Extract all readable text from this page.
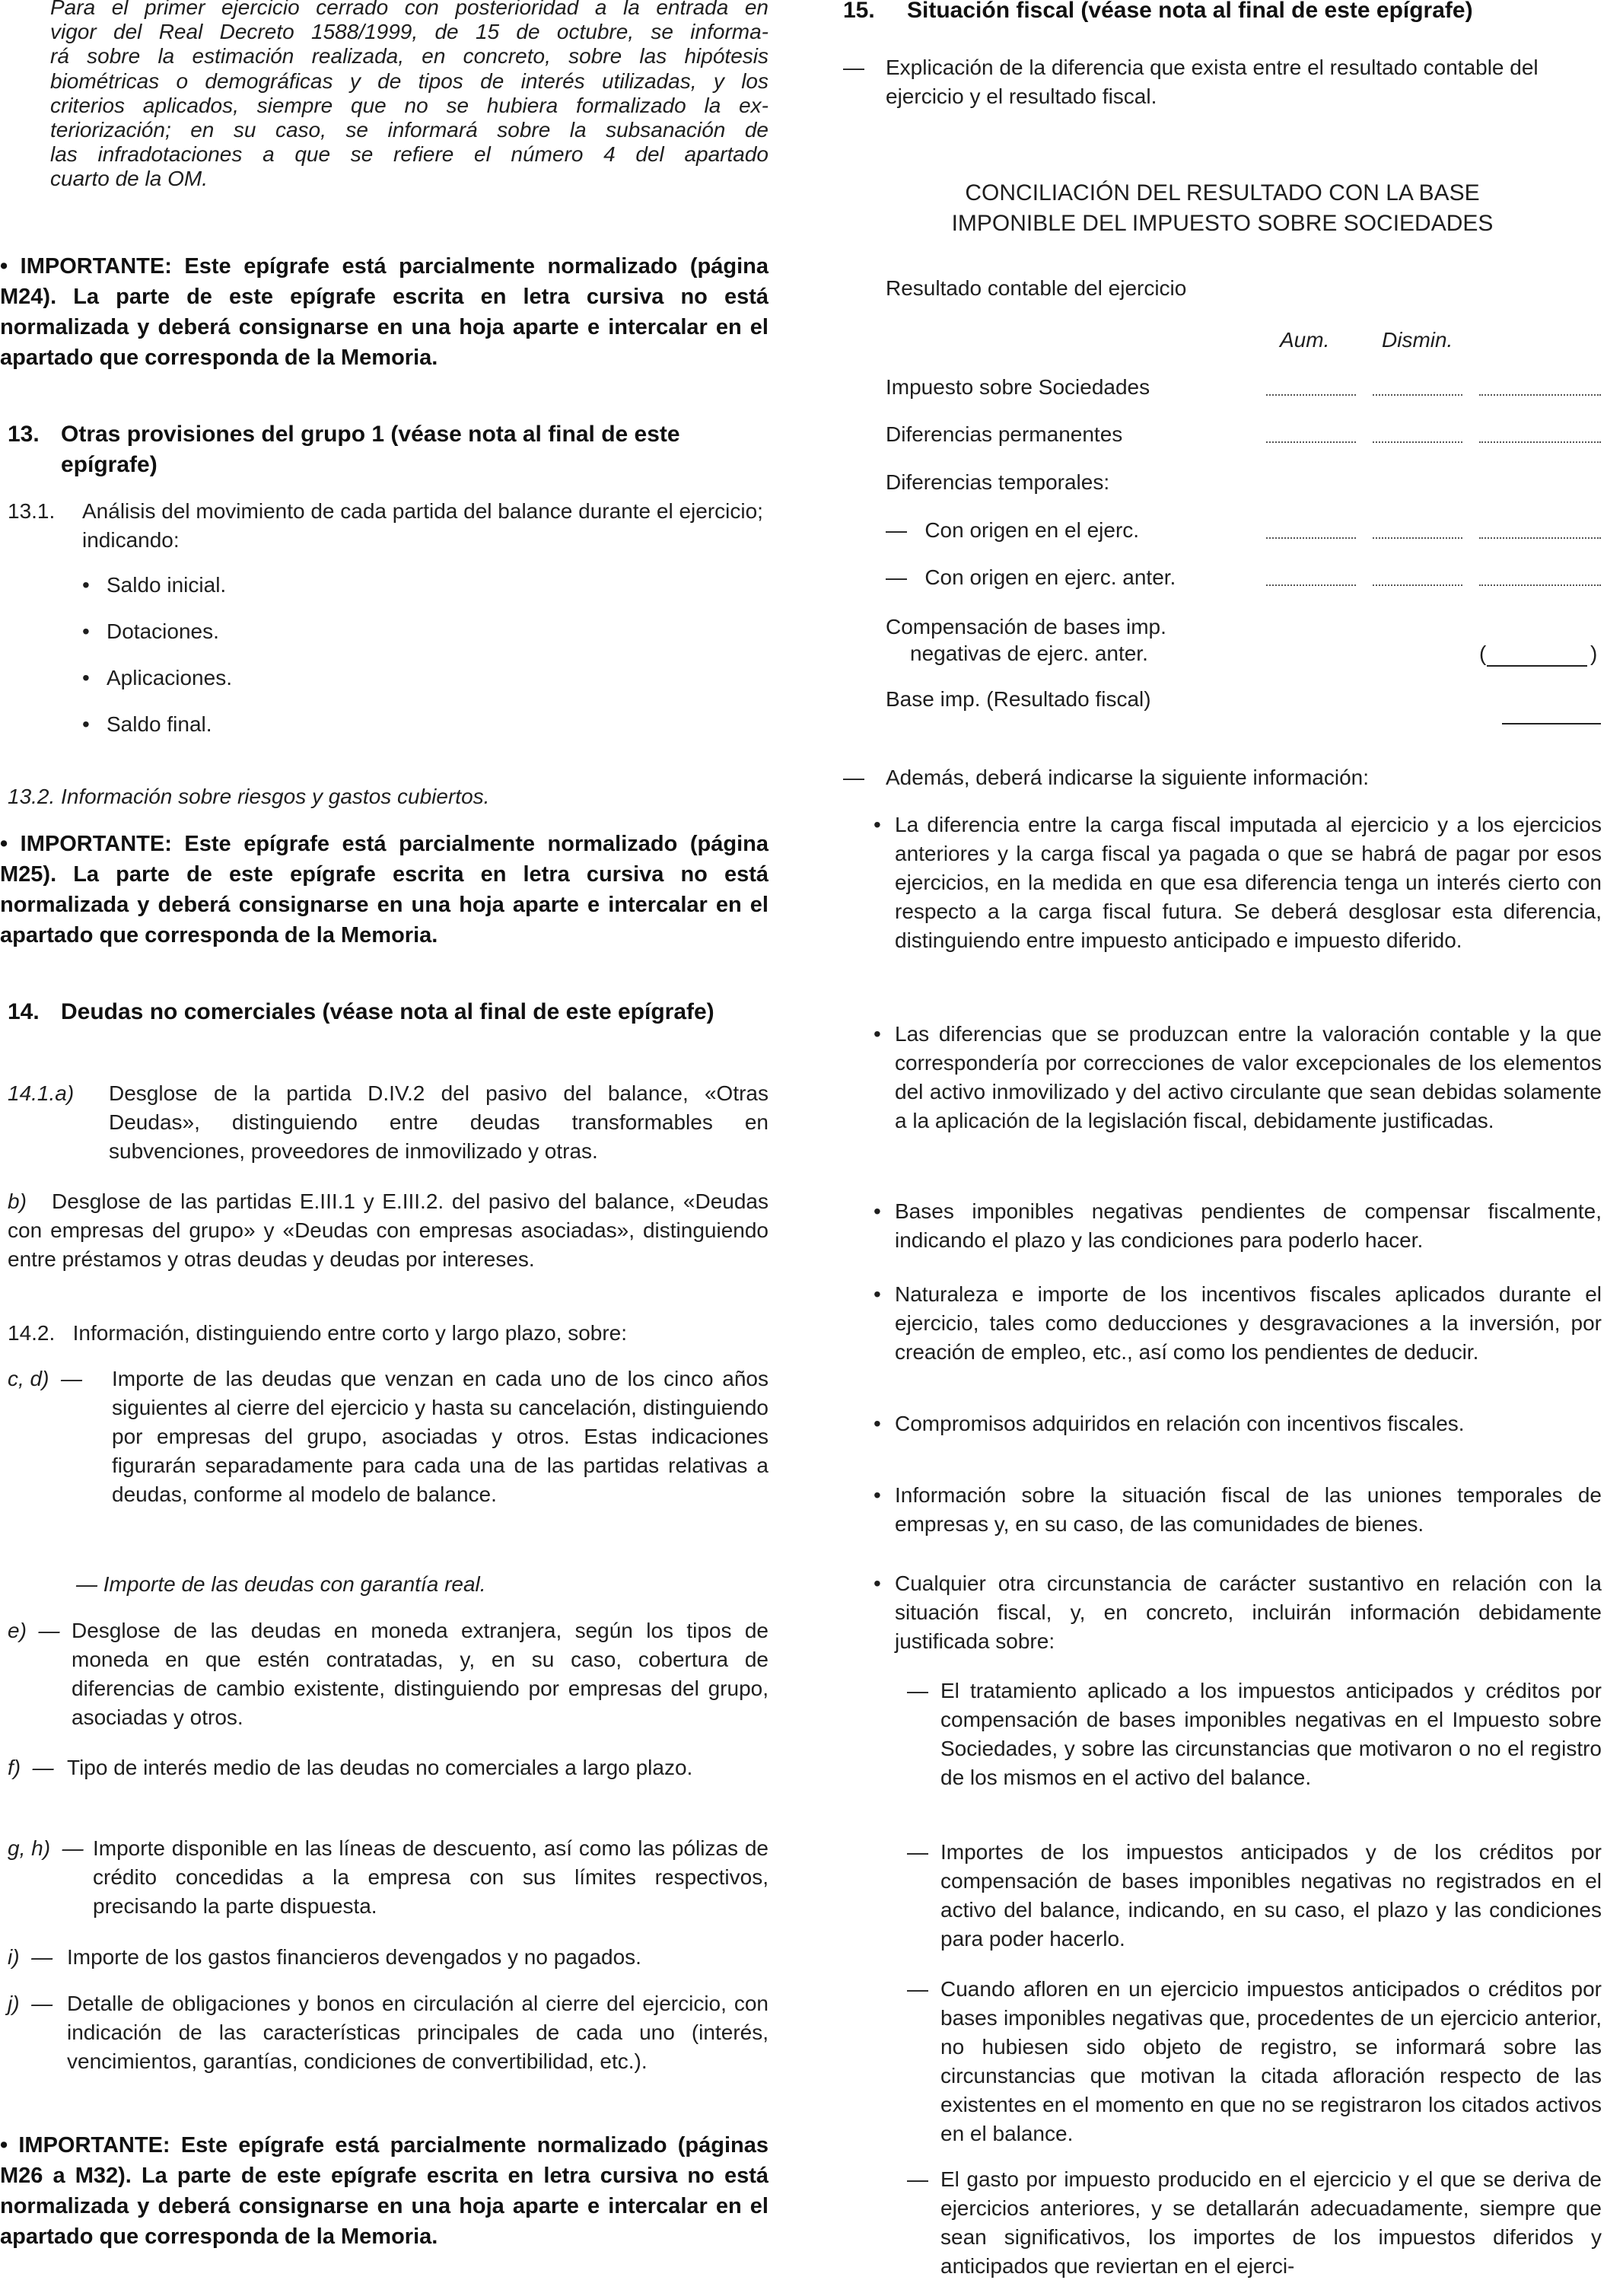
Para el primer ejercicio cerrado con posterioridad a la entrada en
vigor del Real Decreto 1588/1999, de 15 de octubre, se informa-
rá sobre la estimación realizada, en concreto, sobre las hipótesis
biométricas o demográficas y de tipos de interés utilizadas, y los
criterios aplicados, siempre que no se hubiera formalizado la ex-
teriorización; en su caso, se informará sobre la subsanación de
las infradotaciones a que se refiere el número 4 del apartado
cuarto de la OM.

• IMPORTANTE: Este epígrafe está parcialmente normalizado (página M24). La parte de este epígrafe escrita en letra cursiva no está normalizada y deberá consignarse en una hoja aparte e intercalar en el apartado que corresponda de la Memoria.

13. Otras provisiones del grupo 1 (véase nota al final de este epígrafe)
13.1. Análisis del movimiento de cada partida del balance durante el ejercicio; indicando:
• Saldo inicial.
• Dotaciones.
• Aplicaciones.
• Saldo final.

13.2. Información sobre riesgos y gastos cubiertos.

• IMPORTANTE: Este epígrafe está parcialmente normalizado (página M25). La parte de este epígrafe escrita en letra cursiva no está normalizada y deberá consignarse en una hoja aparte e intercalar en el apartado que corresponda de la Memoria.

14. Deudas no comerciales (véase nota al final de este epígrafe)
14.1.a) Desglose de la partida D.IV.2 del pasivo del balance, «Otras Deudas», distinguiendo entre deudas transformables en subvenciones, proveedores de inmovilizado y otras.
b)	Desglose de las partidas E.III.1 y E.III.2. del pasivo del balance, «Deudas con empresas del grupo» y «Deudas con empresas asociadas», distinguiendo entre préstamos y otras deudas y deudas por intereses.

14.2.   Información, distinguiendo entre corto y largo plazo, sobre:

c, d)  — Importe de las deudas que venzan en cada uno de los cinco años siguientes al cierre del ejercicio y hasta su cancelación, distinguiendo por empresas del grupo, asociadas y otros. Estas indicaciones figurarán separadamente para cada una de las partidas relativas a deudas, conforme al modelo de balance.

— Importe de las deudas con garantía real.

e)  — Desglose de las deudas en moneda extranjera, según los tipos de moneda en que estén contratadas, y, en su caso, cobertura de diferencias de cambio existente, distinguiendo por empresas del grupo, asociadas y otros.
f)  — Tipo de interés medio de las deudas no comerciales a largo plazo.
g, h)  — Importe disponible en las líneas de descuento, así como las pólizas de crédito concedidas a la empresa con sus límites respectivos, precisando la parte dispuesta.
i)  — Importe de los gastos financieros devengados y no pagados.
j)  — Detalle de obligaciones y bonos en circulación al cierre del ejercicio, con indicación de las características principales de cada uno (interés, vencimientos, garantías, condiciones de convertibilidad, etc.).

• IMPORTANTE: Este epígrafe está parcialmente normalizado (páginas M26 a M32). La parte de este epígrafe escrita en letra cursiva no está normalizada y deberá consignarse en una hoja aparte e intercalar en el apartado que corresponda de la Memoria.

15. Situación fiscal (véase nota al final de este epígrafe)
— Explicación de la diferencia que exista entre el resultado contable del ejercicio y el resultado fiscal.
CONCILIACIÓN DEL RESULTADO CON LA BASE
IMPONIBLE DEL IMPUESTO SOBRE SOCIEDADES
Resultado contable del ejercicio
Aum. Dismin.
Impuesto sobre Sociedades
Diferencias permanentes
Diferencias temporales:
—   Con origen en el ejerc.
—   Con origen en ejerc. anter.
Compensación de bases imp.
negativas de ejerc. anter.	(	)
Base imp. (Resultado fiscal)
— Además, deberá indicarse la siguiente información:
• La diferencia entre la carga fiscal imputada al ejercicio y a los ejercicios anteriores y la carga fiscal ya pagada o que se habrá de pagar por esos ejercicios, en la medida en que esa diferencia tenga un interés cierto con respecto a la carga fiscal futura. Se deberá desglosar esta diferencia, distinguiendo entre impuesto anticipado e impuesto diferido.
• Las diferencias que se produzcan entre la valoración contable y la que correspondería por correcciones de valor excepcionales de los elementos del activo inmovilizado y del activo circulante que sean debidas solamente a la aplicación de la legislación fiscal, debidamente justificadas.
• Bases imponibles negativas pendientes de compensar fiscalmente, indicando el plazo y las condiciones para poderlo hacer.
• Naturaleza e importe de los incentivos fiscales aplicados durante el ejercicio, tales como deducciones y desgravaciones a la inversión, por creación de empleo, etc., así como los pendientes de deducir.
• Compromisos adquiridos en relación con incentivos fiscales.
• Información sobre la situación fiscal de las uniones temporales de empresas y, en su caso, de las comunidades de bienes.
• Cualquier otra circunstancia de carácter sustantivo en relación con la situación fiscal, y, en concreto, incluirán información debidamente justificada sobre:
— El tratamiento aplicado a los impuestos anticipados y créditos por compensación de bases imponibles negativas en el Impuesto sobre Sociedades, y sobre las circunstancias que motivaron o no el registro de los mismos en el activo del balance.
— Importes de los impuestos anticipados y de los créditos por compensación de bases imponibles negativas no registrados en el activo del balance, indicando, en su caso, el plazo y las condiciones para poder hacerlo.
— Cuando afloren en un ejercicio impuestos anticipados o créditos por bases imponibles negativas que, procedentes de un ejercicio anterior, no hubiesen sido objeto de registro, se informará sobre las circunstancias que motivan la citada afloración respecto de las existentes en el momento en que no se registraron los citados activos en el balance.
— El gasto por impuesto producido en el ejercicio y el que se deriva de ejercicios anteriores, y se detallarán adecuadamente, siempre que sean significativos, los importes de los impuestos diferidos y anticipados que reviertan en el ejerci-
